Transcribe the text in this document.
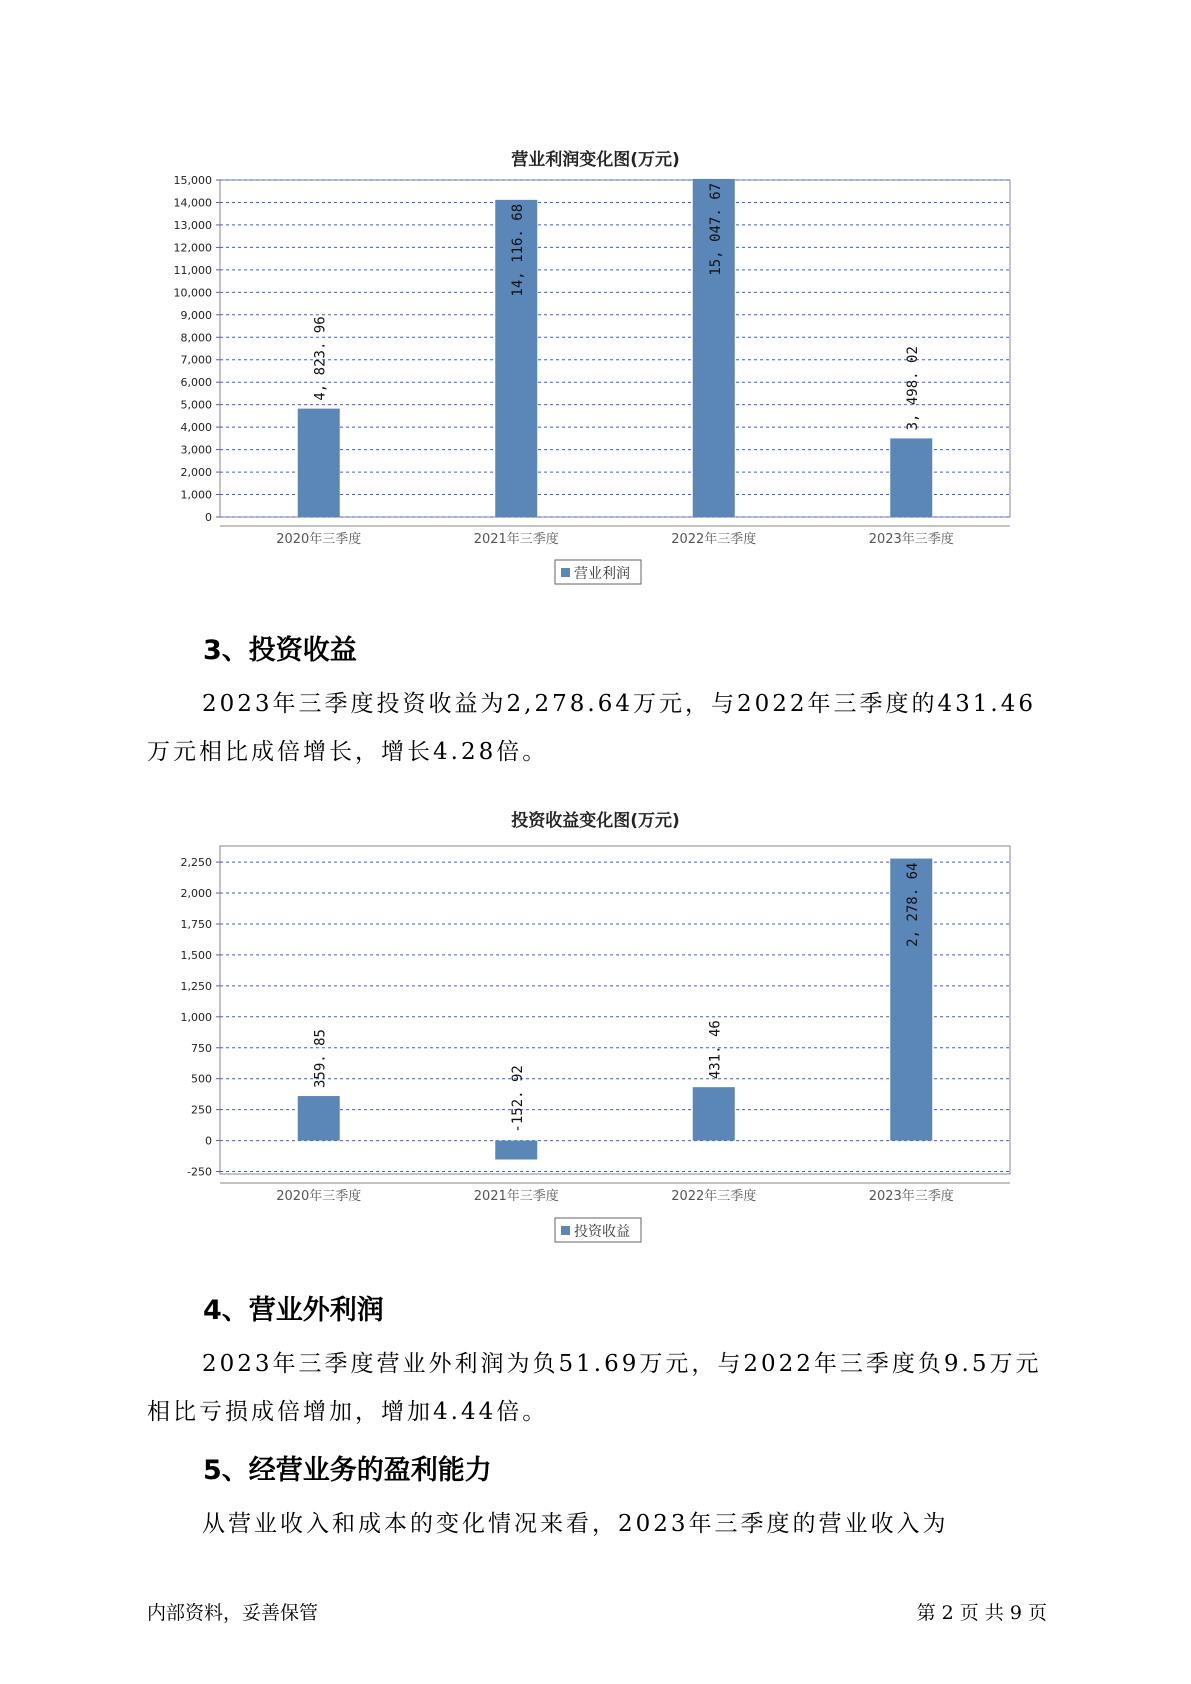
营业利润变化图(万元)
0
1,000
2,000
3,000
4,000
5,000
6,000
7,000
8,000
9,000
10,000
11,000
12,000
13,000
14,000
15,000
4, 823. 96
2020年三季度
14, 116. 68
2021年三季度
15, 047. 67
2022年三季度
3, 498. 02
2023年三季度
营业利润
3、投资收益

2023年三季度投资收益为2,278.64万元，与2022年三季度的431.46万元相比成倍增长，增长4.28倍。

投资收益变化图(万元)
-250
0
250
500
750
1,000
1,250
1,500
1,750
2,000
2,250
359. 85
2020年三季度
-152. 92
2021年三季度
431. 46
2022年三季度
2, 278. 64
2023年三季度
投资收益
4、营业外利润

2023年三季度营业外利润为负51.69万元，与2022年三季度负9.5万元相比亏损成倍增加，增加4.44倍。

5、经营业务的盈利能力

从营业收入和成本的变化情况来看，2023年三季度的营业收入为

内部资料，妥善保管	第 2 页 共 9 页
